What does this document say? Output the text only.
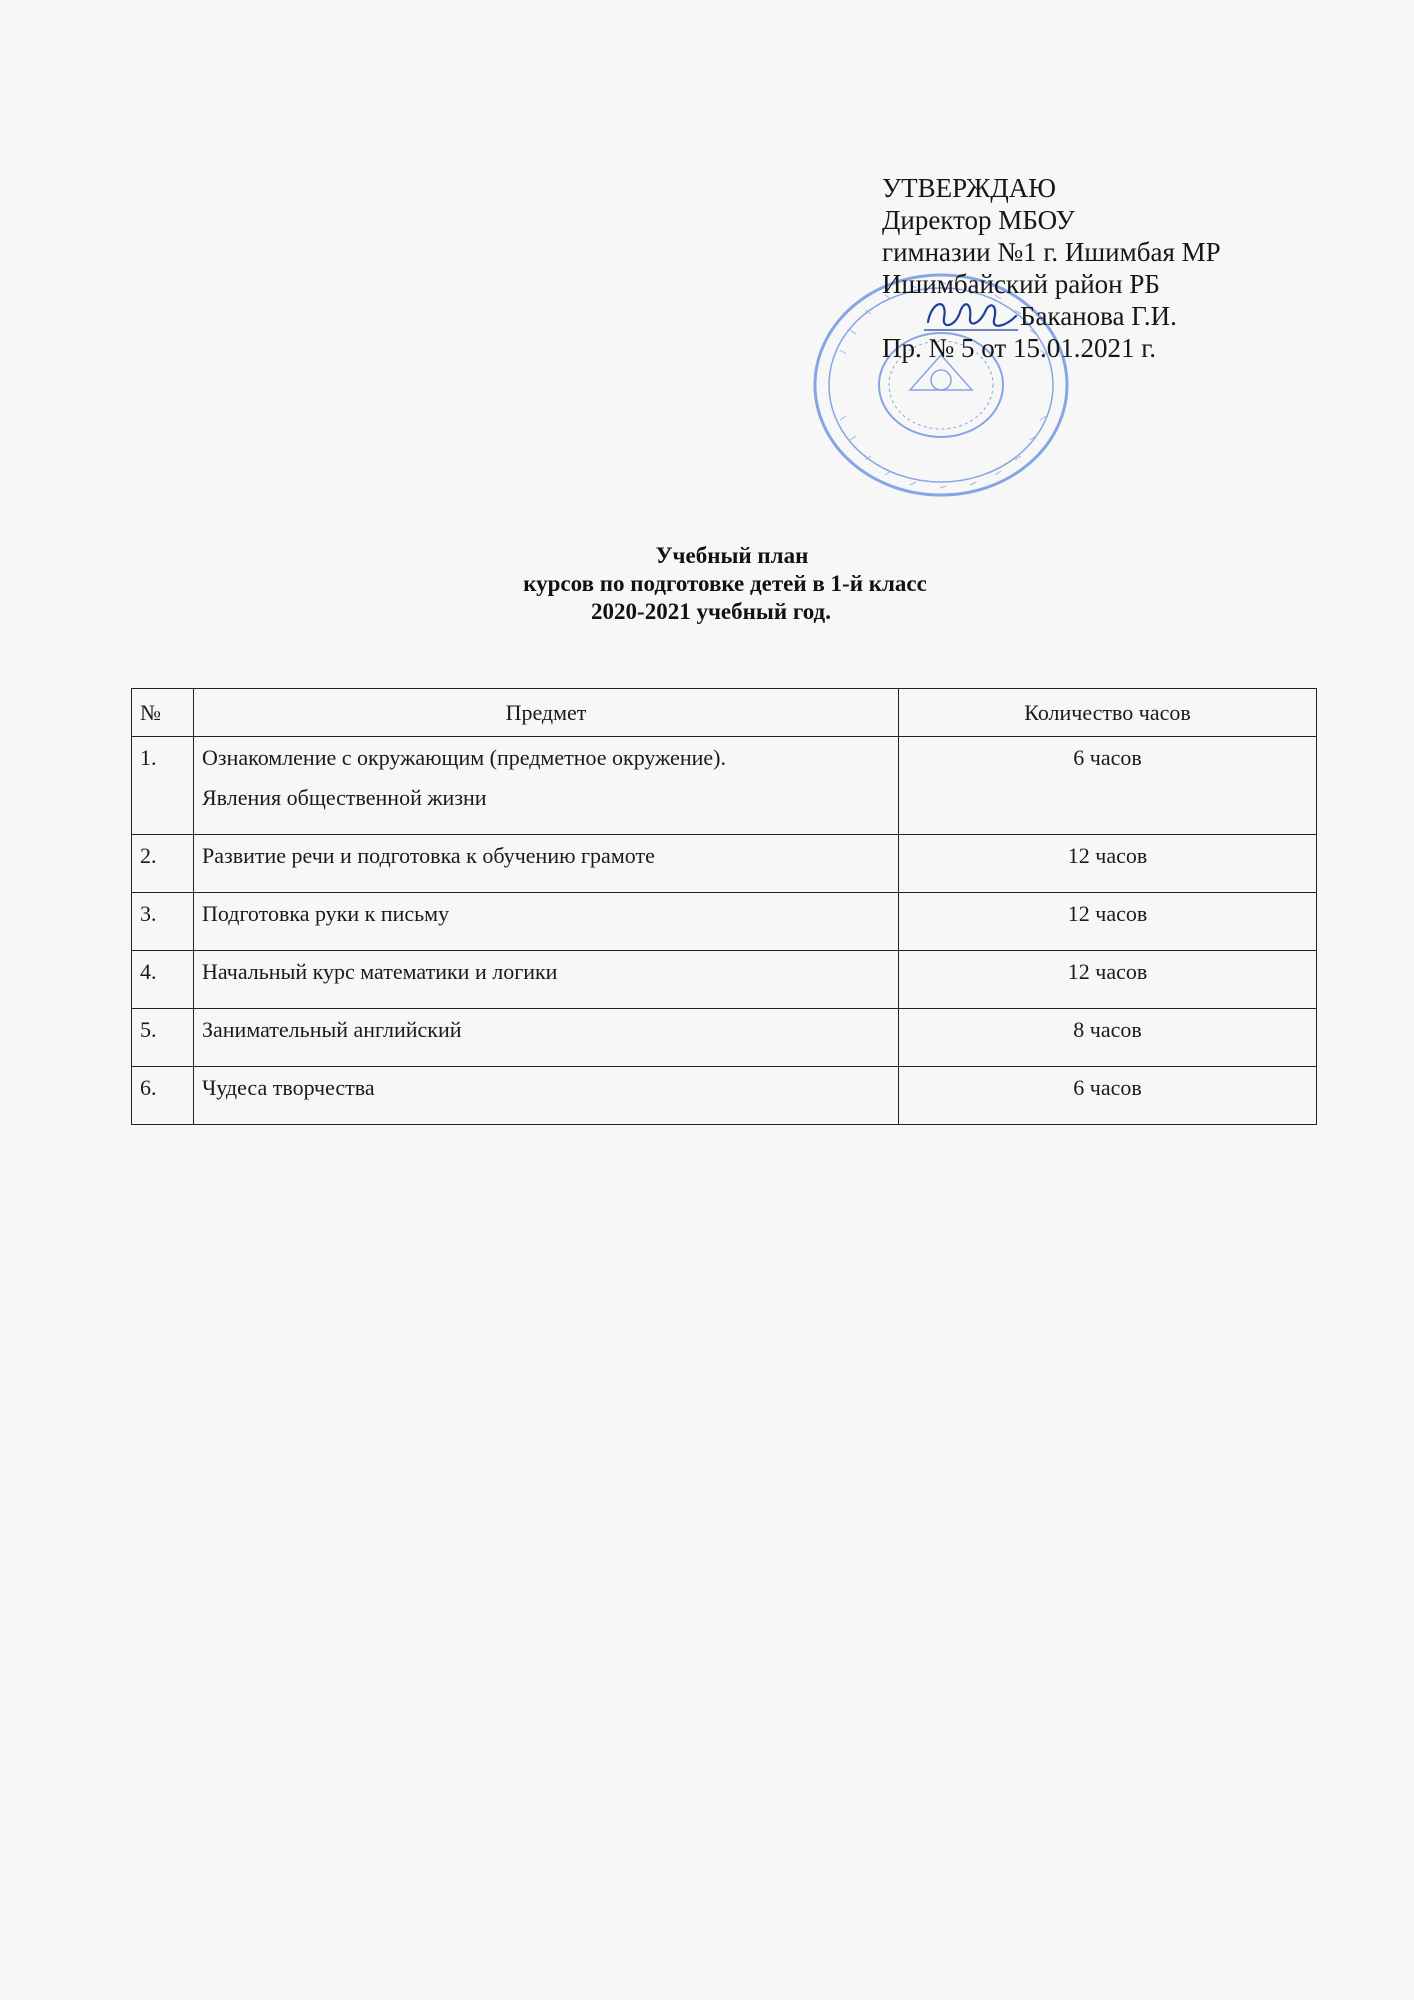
УТВЕРЖДАЮ
Директор МБОУ
гимназии №1 г. Ишимбая МР
Ишимбайский район РБ
Баканова Г.И.
Пр. № 5 от 15.01.2021 г.
Учебный план
курсов по подготовке детей в 1-й класс
2020-2021 учебный год.
№	Предмет	Количество часов
1.	Ознакомление с окружающим (предметное окружение).
Явления общественной жизни	6 часов
2.	Развитие речи и подготовка к обучению грамоте	12 часов
3.	Подготовка руки к письму	12 часов
4.	Начальный курс математики и логики	12 часов
5.	Занимательный английский	8 часов
6.	Чудеса творчества	6 часов
